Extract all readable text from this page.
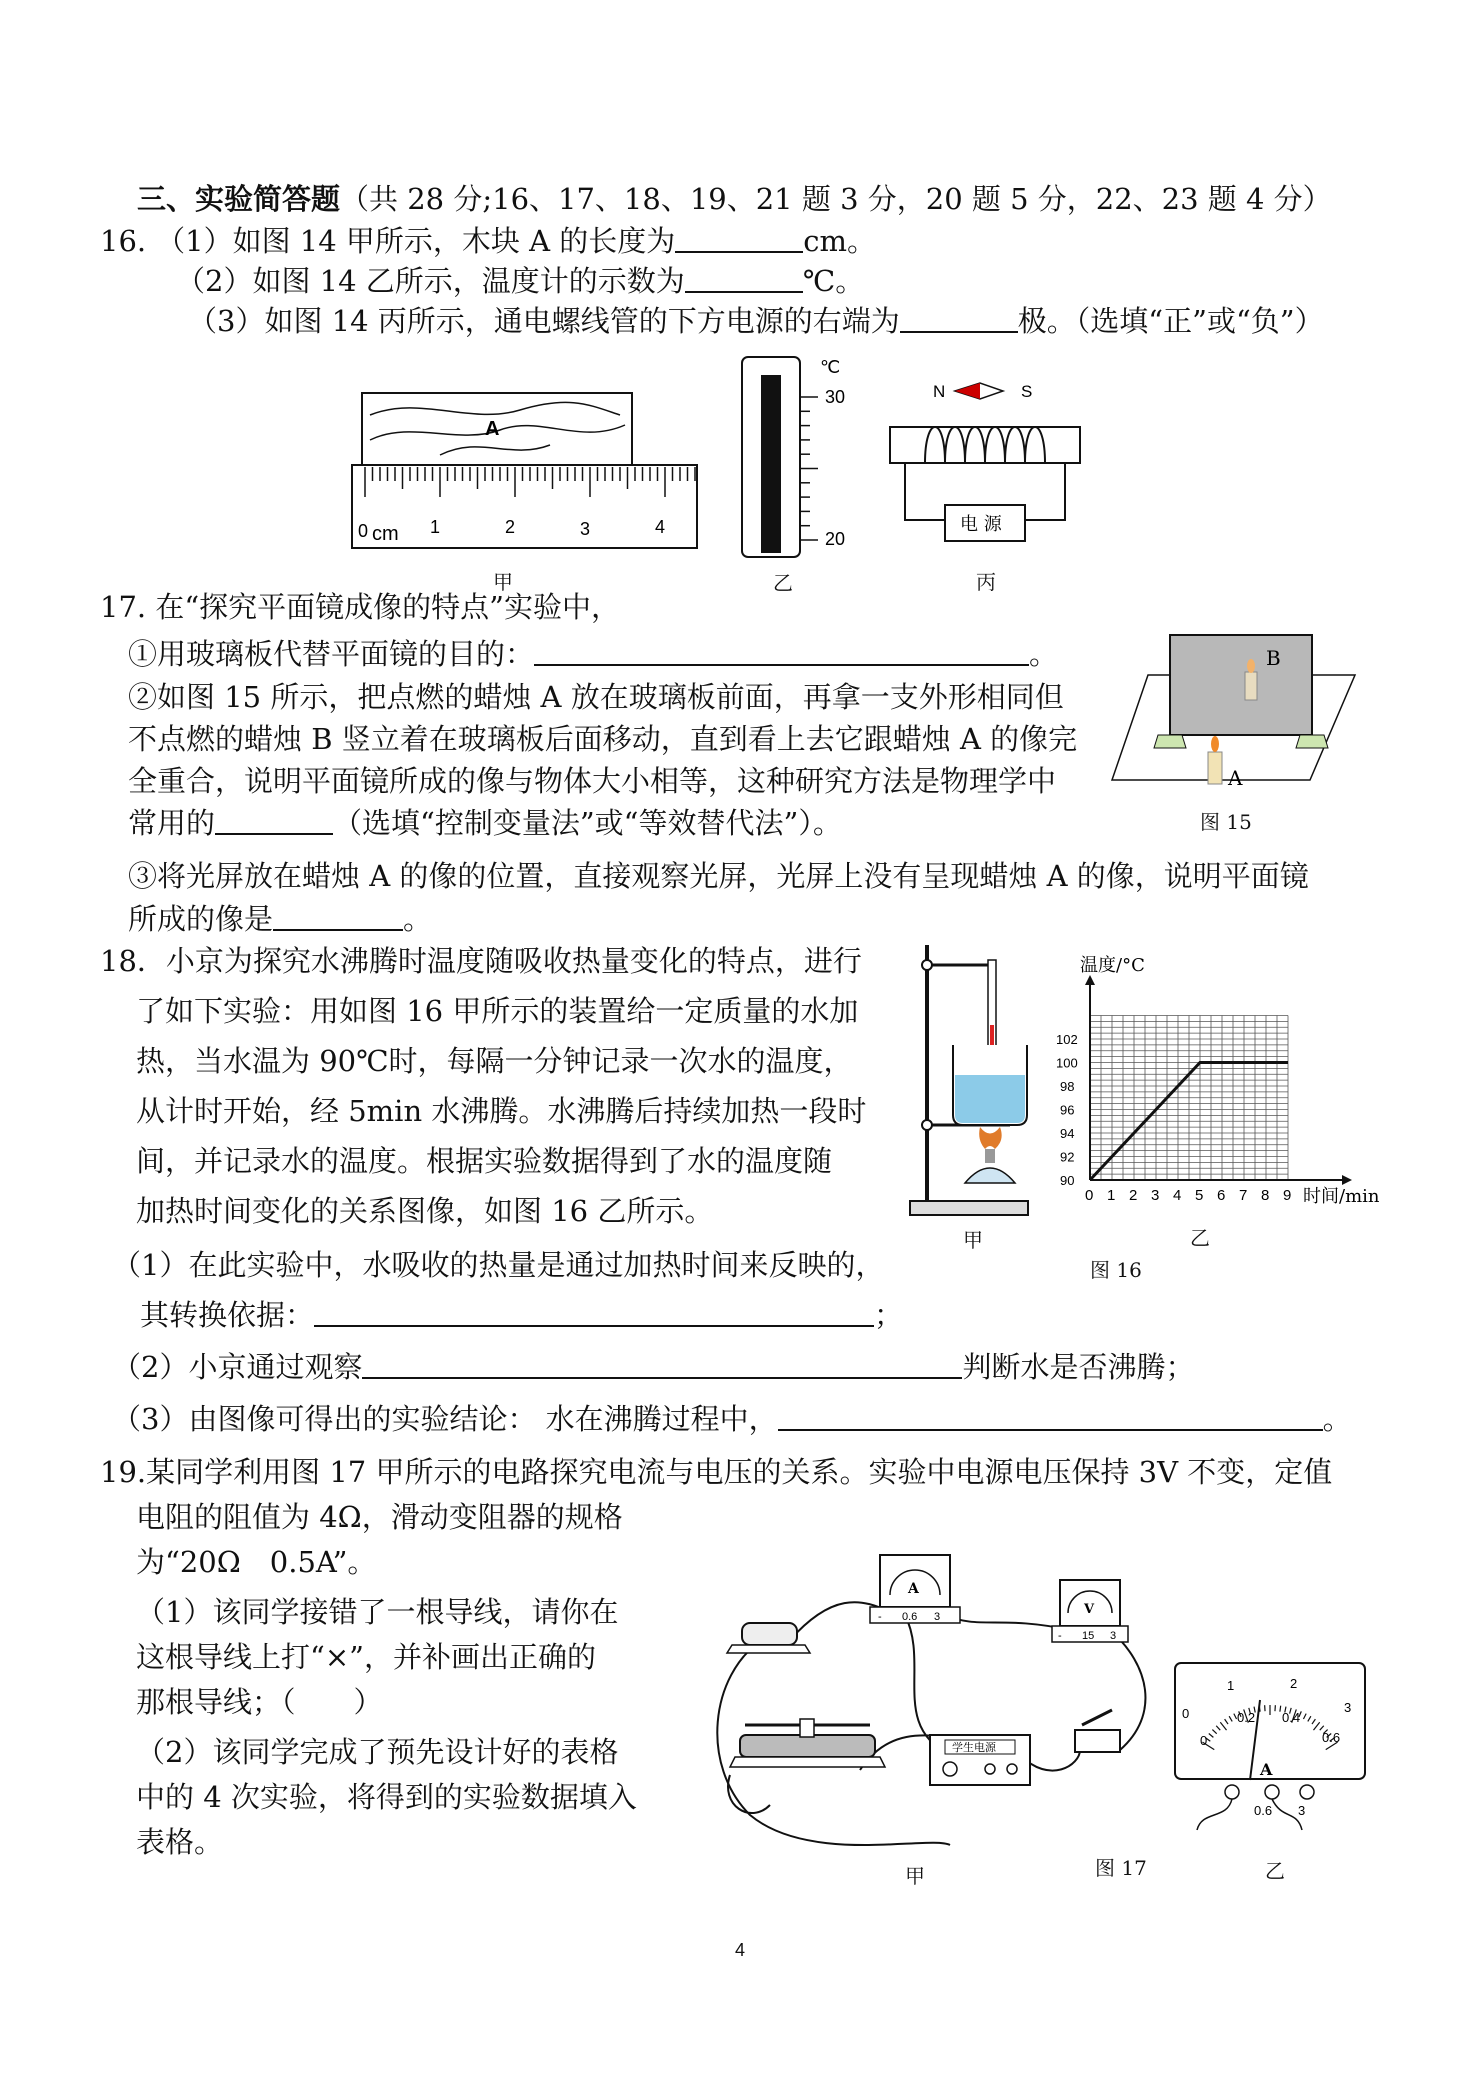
三、实验简答题（共 28 分;16、17、18、19、21 题 3 分，20 题 5 分，22、23 题 4 分）
16. （1）如图 14 甲所示，木块 A 的长度为	cm。
（2）如图 14 乙所示，温度计的示数为	℃。
（3）如图 14 丙所示，通电螺线管的下方电源的右端为	极。（选填“正”或“负”）
A
0 cm 1	2	3	4
甲
℃
30
20
乙
N	S
电 源
丙
17. 在“探究平面镜成像的特点”实验中，
①用玻璃板代替平面镜的目的：	。
②如图 15 所示，把点燃的蜡烛 A 放在玻璃板前面，再拿一支外形相同但
不点燃的蜡烛 B 竖立着在玻璃板后面移动，直到看上去它跟蜡烛 A 的像完
全重合，说明平面镜所成的像与物体大小相等，这种研究方法是物理学中
常用的	（选填“控制变量法”或“等效替代法”）。
③将光屏放在蜡烛 A 的像的位置，直接观察光屏，光屏上没有呈现蜡烛 A 的像，说明平面镜
所成的像是	。
B
A
图 15
18．小京为探究水沸腾时温度随吸收热量变化的特点，进行
了如下实验：用如图 16 甲所示的装置给一定质量的水加
热，当水温为 90℃时，每隔一分钟记录一次水的温度，
从计时开始，经 5min 水沸腾。水沸腾后持续加热一段时
间，并记录水的温度。根据实验数据得到了水的温度随
加热时间变化的关系图像，如图 16 乙所示。
（1）在此实验中，水吸收的热量是通过加热时间来反映的，
其转换依据：	；
（2）小京通过观察	判断水是否沸腾；
（3）由图像可得出的实验结论： 水在沸腾过程中，	。
甲
0 1 2 3 4 5 6 7 8 9
90
92
94
96
98
100
102
温度/°C
时间/min
乙
图 16
19.某同学利用图 17 甲所示的电路探究电流与电压的关系。实验中电源电压保持 3V 不变，定值
电阻的阻值为 4Ω，滑动变阻器的规格
为“20Ω　0.5A”。
（1）该同学接错了一根导线，请你在
这根导线上打“×”，并补画出正确的
那根导线；（　　）
（2）该同学完成了预先设计好的表格
中的 4 次实验，将得到的实验数据填入
表格。
A
- 0.6 3	V
- 15 3
学生电源
甲	图 17
0
1	2
3
0
0.2 0.4
0.6
A
0.6 3
乙
4
